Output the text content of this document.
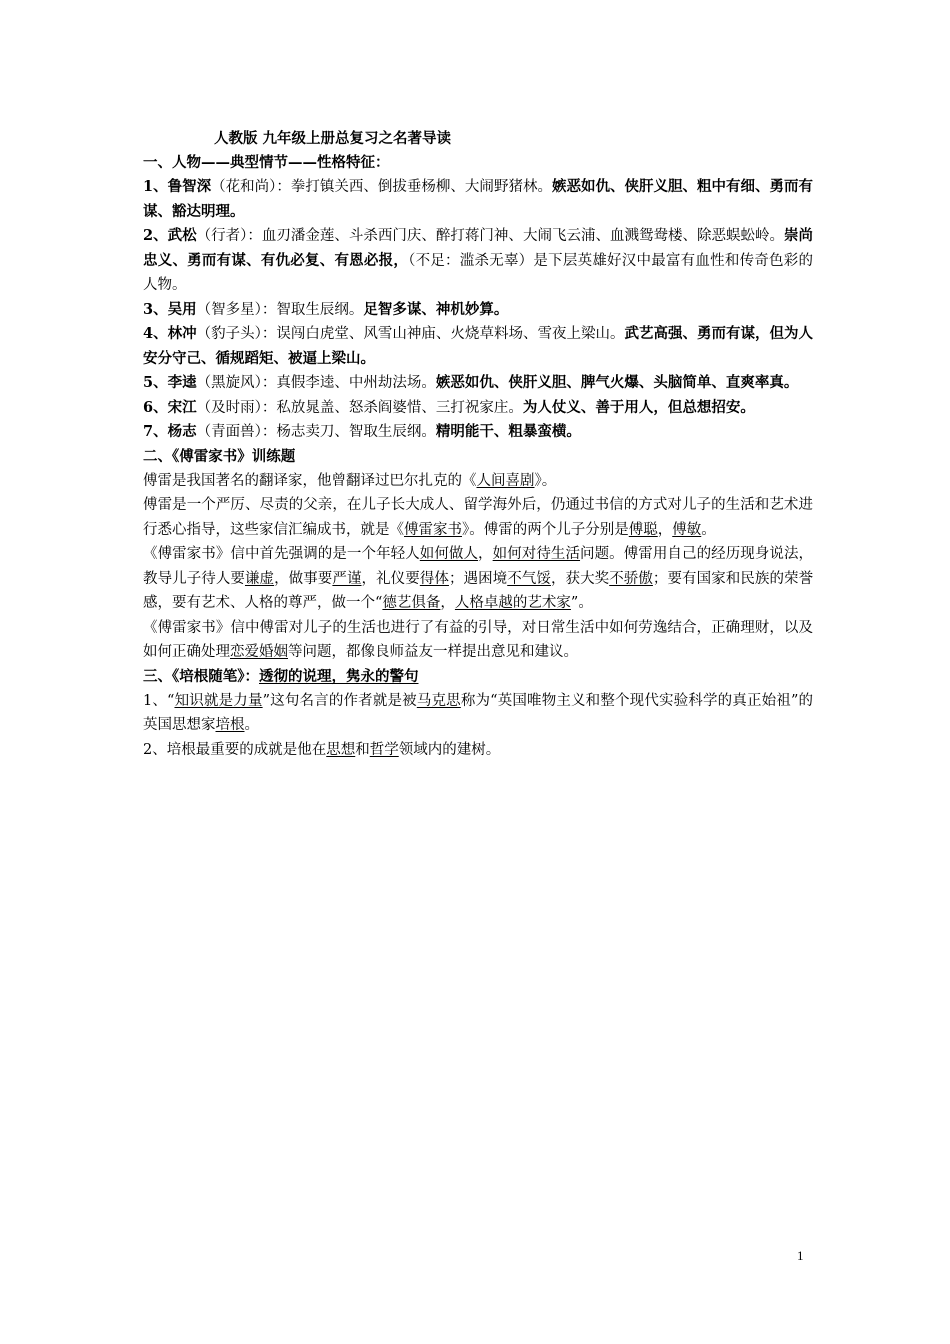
人教版 九年级上册总复习之名著导读

一、人物——典型情节——性格特征：

1、鲁智深（花和尚）：拳打镇关西、倒拔垂杨柳、大闹野猪林。嫉恶如仇、侠肝义胆、粗中有细、勇而有谋、豁达明理。

2、武松（行者）：血刃潘金莲、斗杀西门庆、醉打蒋门神、大闹飞云浦、血溅鸳鸯楼、除恶蜈蚣岭。崇尚忠义、勇而有谋、有仇必复、有恩必报，（不足：滥杀无辜）是下层英雄好汉中最富有血性和传奇色彩的人物。

3、吴用（智多星）：智取生辰纲。足智多谋、神机妙算。

4、林冲（豹子头）：误闯白虎堂、风雪山神庙、火烧草料场、雪夜上梁山。武艺高强、勇而有谋，但为人安分守己、循规蹈矩、被逼上梁山。

5、李逵（黑旋风）：真假李逵、中州劫法场。嫉恶如仇、侠肝义胆、脾气火爆、头脑简单、直爽率真。

6、宋江（及时雨）：私放晁盖、怒杀阎婆惜、三打祝家庄。为人仗义、善于用人，但总想招安。

7、杨志（青面兽）：杨志卖刀、智取生辰纲。精明能干、粗暴蛮横。

二、《傅雷家书》训练题

傅雷是我国著名的翻译家，他曾翻译过巴尔扎克的《人间喜剧》。

傅雷是一个严厉、尽责的父亲，在儿子长大成人、留学海外后，仍通过书信的方式对儿子的生活和艺术进行悉心指导，这些家信汇编成书，就是《傅雷家书》。傅雷的两个儿子分别是傅聪，傅敏。

《傅雷家书》信中首先强调的是一个年轻人如何做人，如何对待生活问题。傅雷用自己的经历现身说法，教导儿子待人要谦虚，做事要严谨，礼仪要得体；遇困境不气馁，获大奖不骄傲；要有国家和民族的荣誉感，要有艺术、人格的尊严，做一个“德艺俱备，人格卓越的艺术家”。

《傅雷家书》信中傅雷对儿子的生活也进行了有益的引导，对日常生活中如何劳逸结合，正确理财，以及如何正确处理恋爱婚姻等问题，都像良师益友一样提出意见和建议。

三、《培根随笔》：透彻的说理，隽永的警句

1、“知识就是力量”这句名言的作者就是被马克思称为“英国唯物主义和整个现代实验科学的真正始祖”的英国思想家培根。

2、培根最重要的成就是他在思想和哲学领域内的建树。

1
